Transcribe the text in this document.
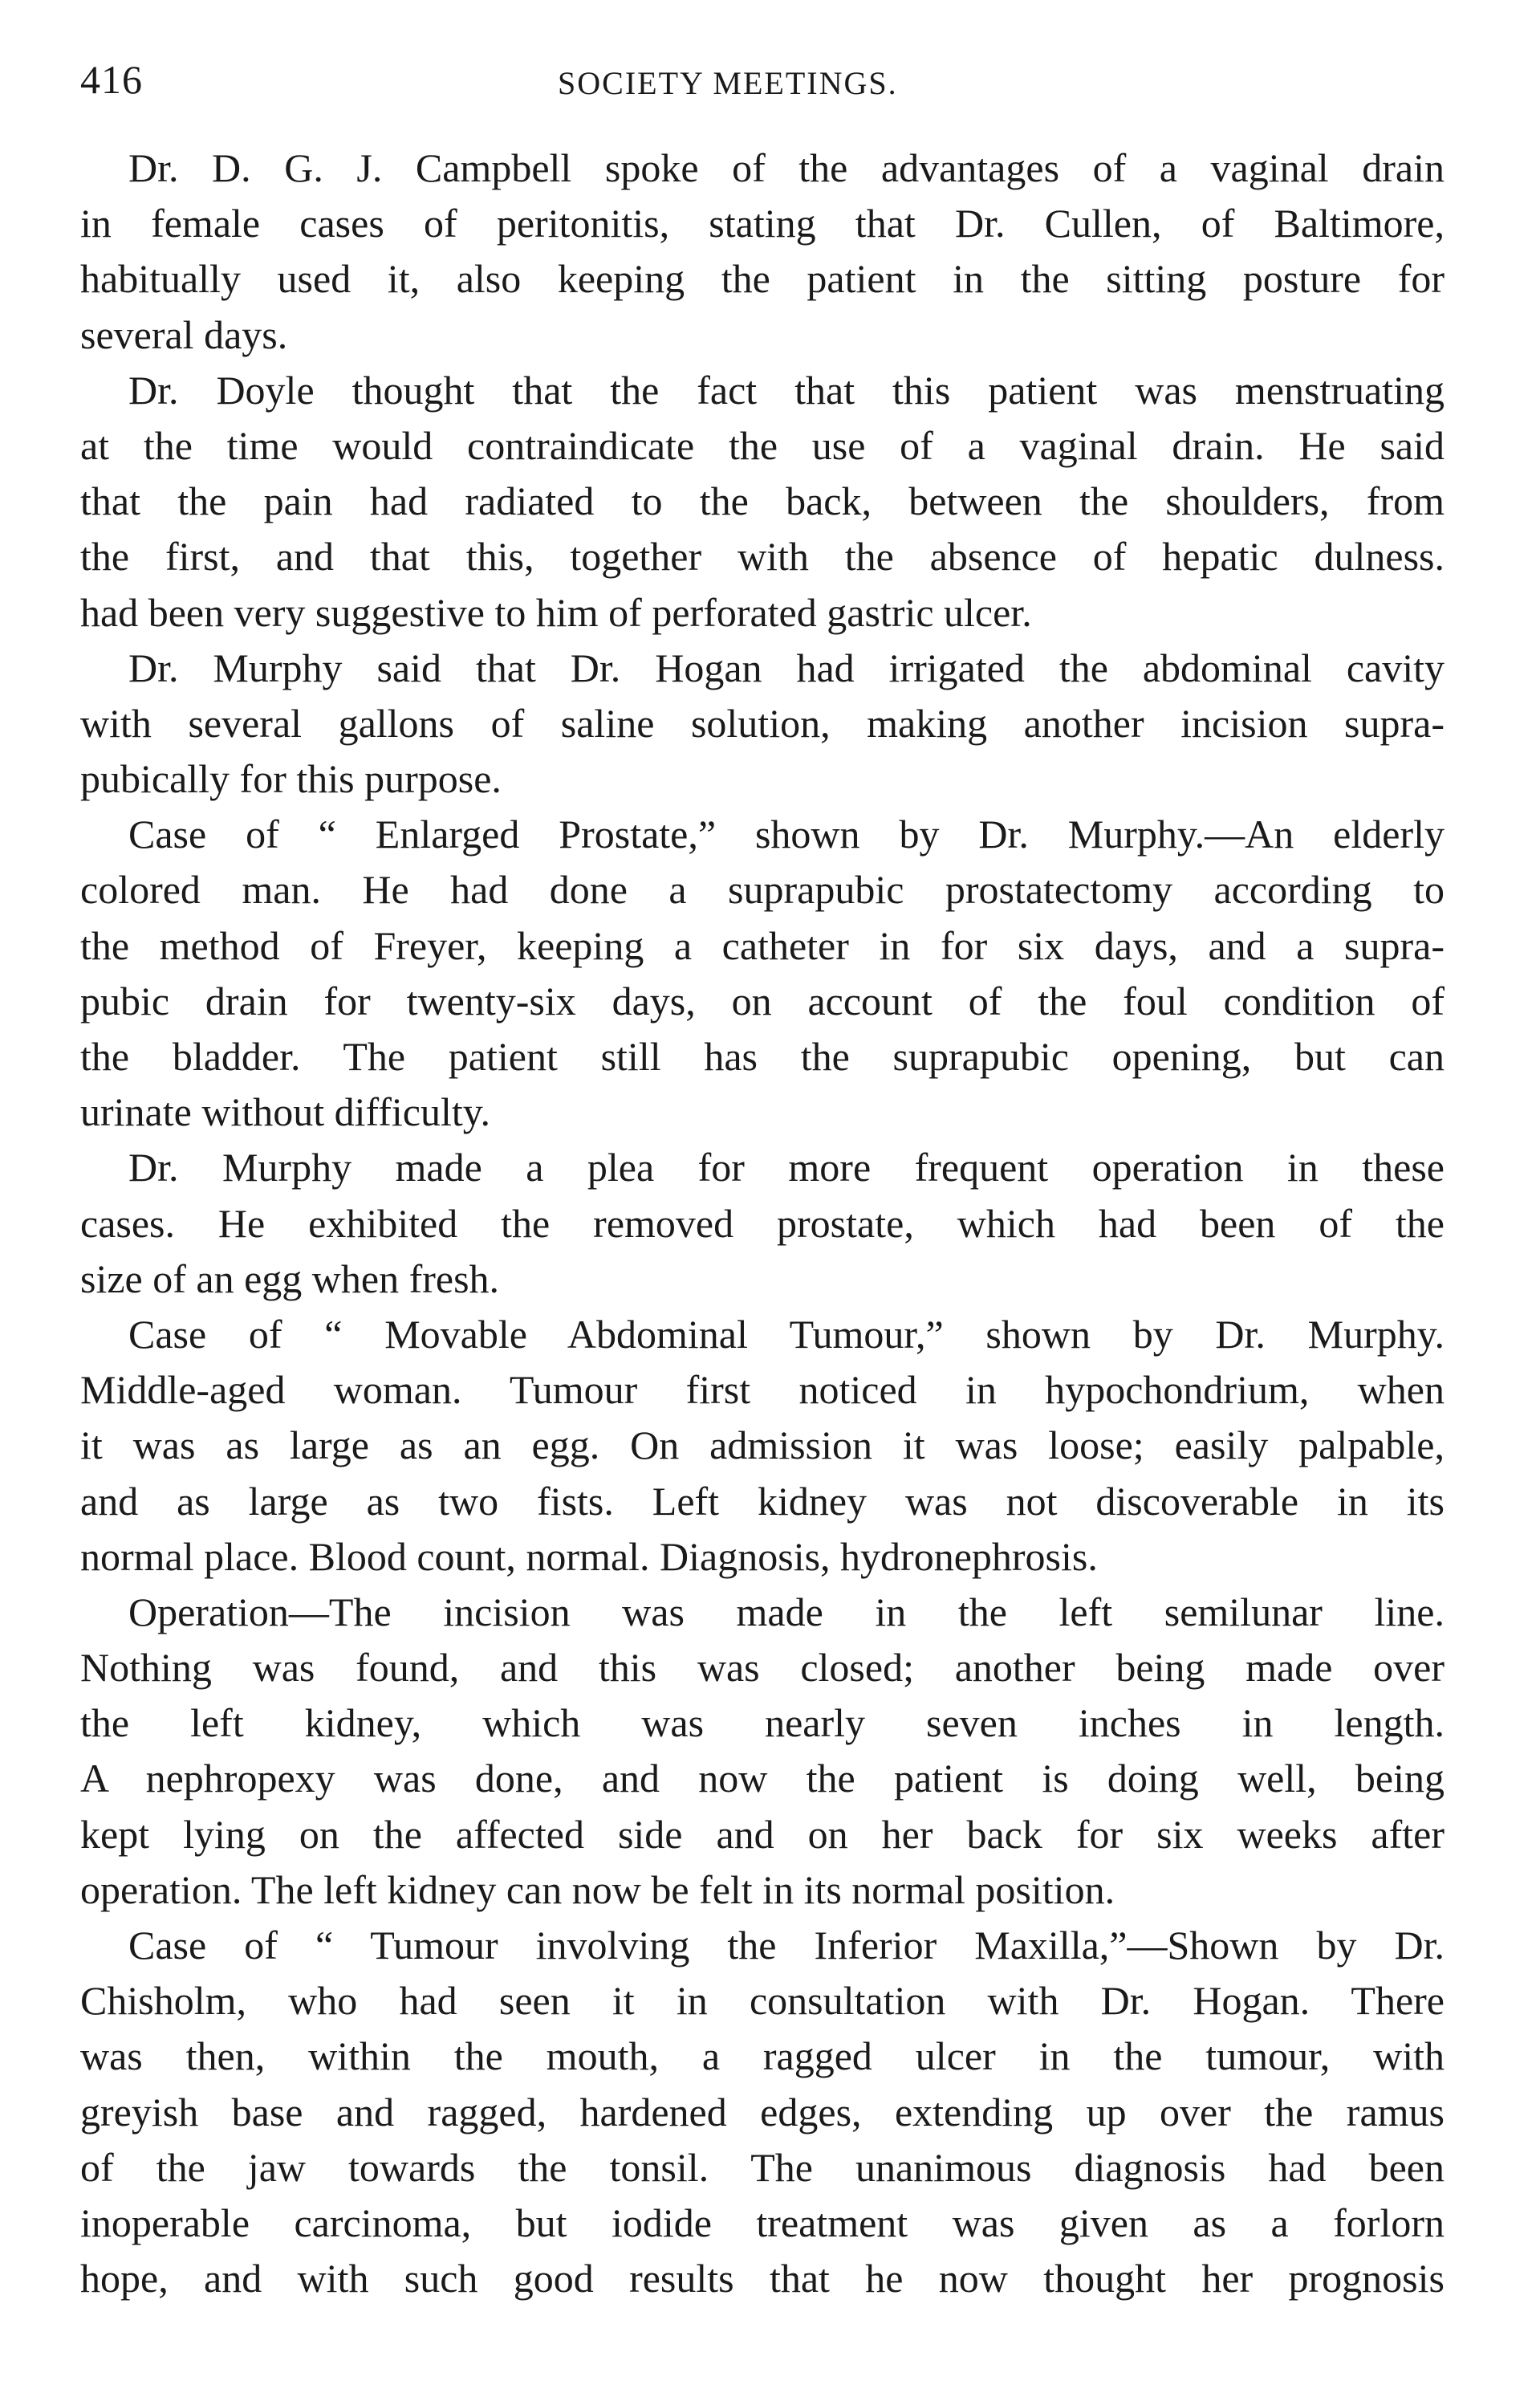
416	SOCIETY MEETINGS.
Dr. D. G. J. Campbell spoke of the advantages of a vaginal drain
in female cases of peritonitis, stating that Dr. Cullen, of Baltimore,
habitually used it, also keeping the patient in the sitting posture for
several days.
Dr. Doyle thought that the fact that this patient was menstruating
at the time would contraindicate the use of a vaginal drain. He said
that the pain had radiated to the back, between the shoulders, from
the first, and that this, together with the absence of hepatic dulness.
had been very suggestive to him of perforated gastric ulcer.
Dr. Murphy said that Dr. Hogan had irrigated the abdominal cavity
with several gallons of saline solution, making another incision supra-
pubically for this purpose.
Case of “ Enlarged Prostate,” shown by Dr. Murphy.—An elderly
colored man. He had done a suprapubic prostatectomy according to
the method of Freyer, keeping a catheter in for six days, and a supra-
pubic drain for twenty-six days, on account of the foul condition of
the bladder. The patient still has the suprapubic opening, but can
urinate without difficulty.
Dr. Murphy made a plea for more frequent operation in these
cases. He exhibited the removed prostate, which had been of the
size of an egg when fresh.
Case of “ Movable Abdominal Tumour,” shown by Dr. Murphy.
Middle-aged woman. Tumour first noticed in hypochondrium, when
it was as large as an egg. On admission it was loose; easily palpable,
and as large as two fists. Left kidney was not discoverable in its
normal place. Blood count, normal. Diagnosis, hydronephrosis.
Operation—The incision was made in the left semilunar line.
Nothing was found, and this was closed; another being made over
the left kidney, which was nearly seven inches in length.
A nephropexy was done, and now the patient is doing well, being
kept lying on the affected side and on her back for six weeks after
operation. The left kidney can now be felt in its normal position.
Case of “ Tumour involving the Inferior Maxilla,”—Shown by Dr.
Chisholm, who had seen it in consultation with Dr. Hogan. There
was then, within the mouth, a ragged ulcer in the tumour, with
greyish base and ragged, hardened edges, extending up over the ramus
of the jaw towards the tonsil. The unanimous diagnosis had been
inoperable carcinoma, but iodide treatment was given as a forlorn
hope, and with such good results that he now thought her prognosis
